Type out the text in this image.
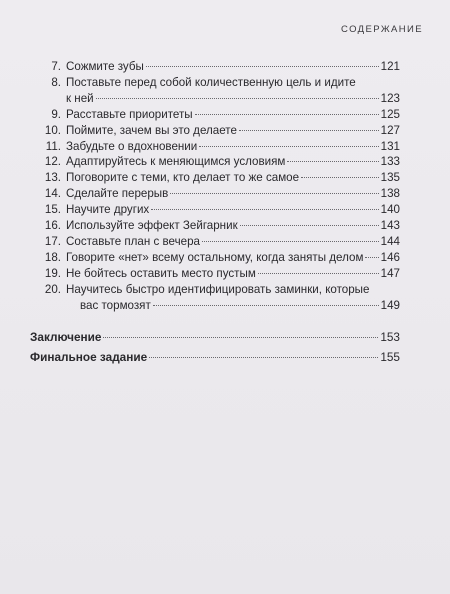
СОДЕРЖАНИЕ
7. Сожмите зубы	121
8. Поставьте перед собой количественную цель и идите
к ней	123
9. Расставьте приоритеты	125
10. Поймите, зачем вы это делаете	127
11. Забудьте о вдохновении	131
12. Адаптируйтесь к меняющимся условиям	133
13. Поговорите с теми, кто делает то же самое	135
14. Сделайте перерыв	138
15. Научите других	140
16. Используйте эффект Зейгарник	143
17. Составьте план с вечера	144
18. Говорите «нет» всему остальному, когда заняты делом 146
19. Не бойтесь оставить место пустым	147
20. Научитесь быстро идентифицировать заминки, которые
вас тормозят	149
Заключение	153
Финальное задание	155
